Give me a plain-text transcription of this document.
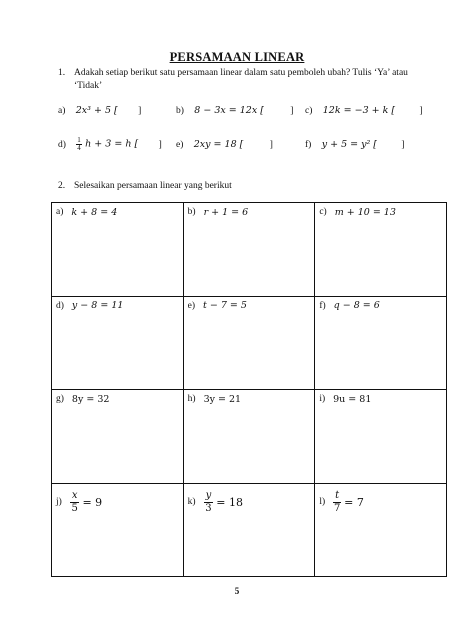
PERSAMAAN LINEAR
1. Adakah setiap berikut satu persamaan linear dalam satu pemboleh ubah? Tulis ‘Ya’ atau ‘Tidak’
a) 2x³ + 5 [ ]	b) 8 − 3x = 12x [	] c) 12k = −3 + k [	]
$d) \frac{1}{4}$ h + 3 = h [ ] e) 2xy = 18 [	]	f) y + 5 = y² [	]
2. Selesaikan persamaan linear yang berikut
a) k + 8 = 4	b) r + 1 = 6	c) m + 10 = 13

d) y − 8 = 11	e) t − 7 = 5	f) q − 8 = 6

g) 8y = 32	h) 3y = 21	i) 9u = 81

$j) \frac{x}{5} = 9$	$k) \frac{y}{3} = 18$	$l) \frac{t}{7} = 7$
5
